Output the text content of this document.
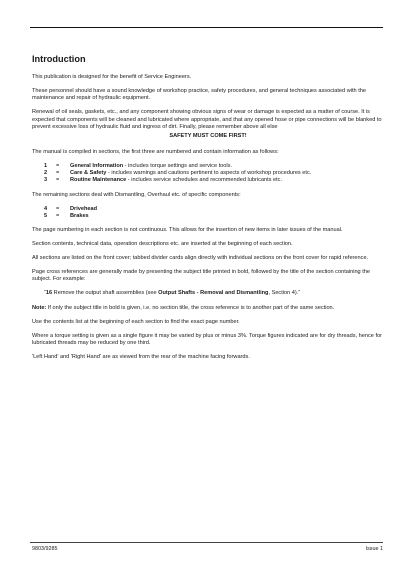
Introduction

This publication is designed for the benefit of Service Engineers.

These personnel should have a sound knowledge of workshop practice, safety procedures, and general techniques associated with the maintenance and repair of hydraulic equipment.

Renewal of oil seals, gaskets, etc., and any component showing obvious signs of wear or damage is expected as a matter of course. It is expected that components will be cleaned and lubricated where appropriate, and that any opened hose or pipe connections will be blanked to prevent excessive loss of hydraulic fluid and ingress of dirt. Finally, please remember above all else

SAFETY MUST COME FIRST!

The manual is compiled in sections, the first three are numbered and contain information as follows:

1	=	General Information - includes torque settings and service tools.
2	=	Care & Safety - includes warnings and cautions pertinent to aspects of workshop procedures etc.
3	=	Routine Maintenance - includes service schedules and recommended lubricants etc.

The remaining sections deal with Dismantling, Overhaul etc. of specific components:

4	=	Drivehead
5	=	Brakes

The page numbering in each section is not continuous. This allows for the insertion of new items in later issues of the manual.

Section contents, technical data, operation descriptions etc. are inserted at the beginning of each section.

All sections are listed on the front cover; tabbed divider cards align directly with individual sections on the front cover for rapid reference.

Page cross references are generally made by presenting the subject title printed in bold, followed by the title of the section containing the subject. For example:

“16 Remove the output shaft assemblies (see Output Shafts - Removal and Dismantling, Section 4).”

Note: If only the subject title in bold is given, i.e. no section title, the cross reference is to another part of the same section.

Use the contents list at the beginning of each section to find the exact page number.

Where a torque setting is given as a single figure it may be varied by plus or minus 3%. Torque figures indicated are for dry threads, hence for lubricated threads may be reduced by one third.

'Left Hand' and 'Right Hand' are as viewed from the rear of the machine facing forwards.

9803/9285	Issue 1
